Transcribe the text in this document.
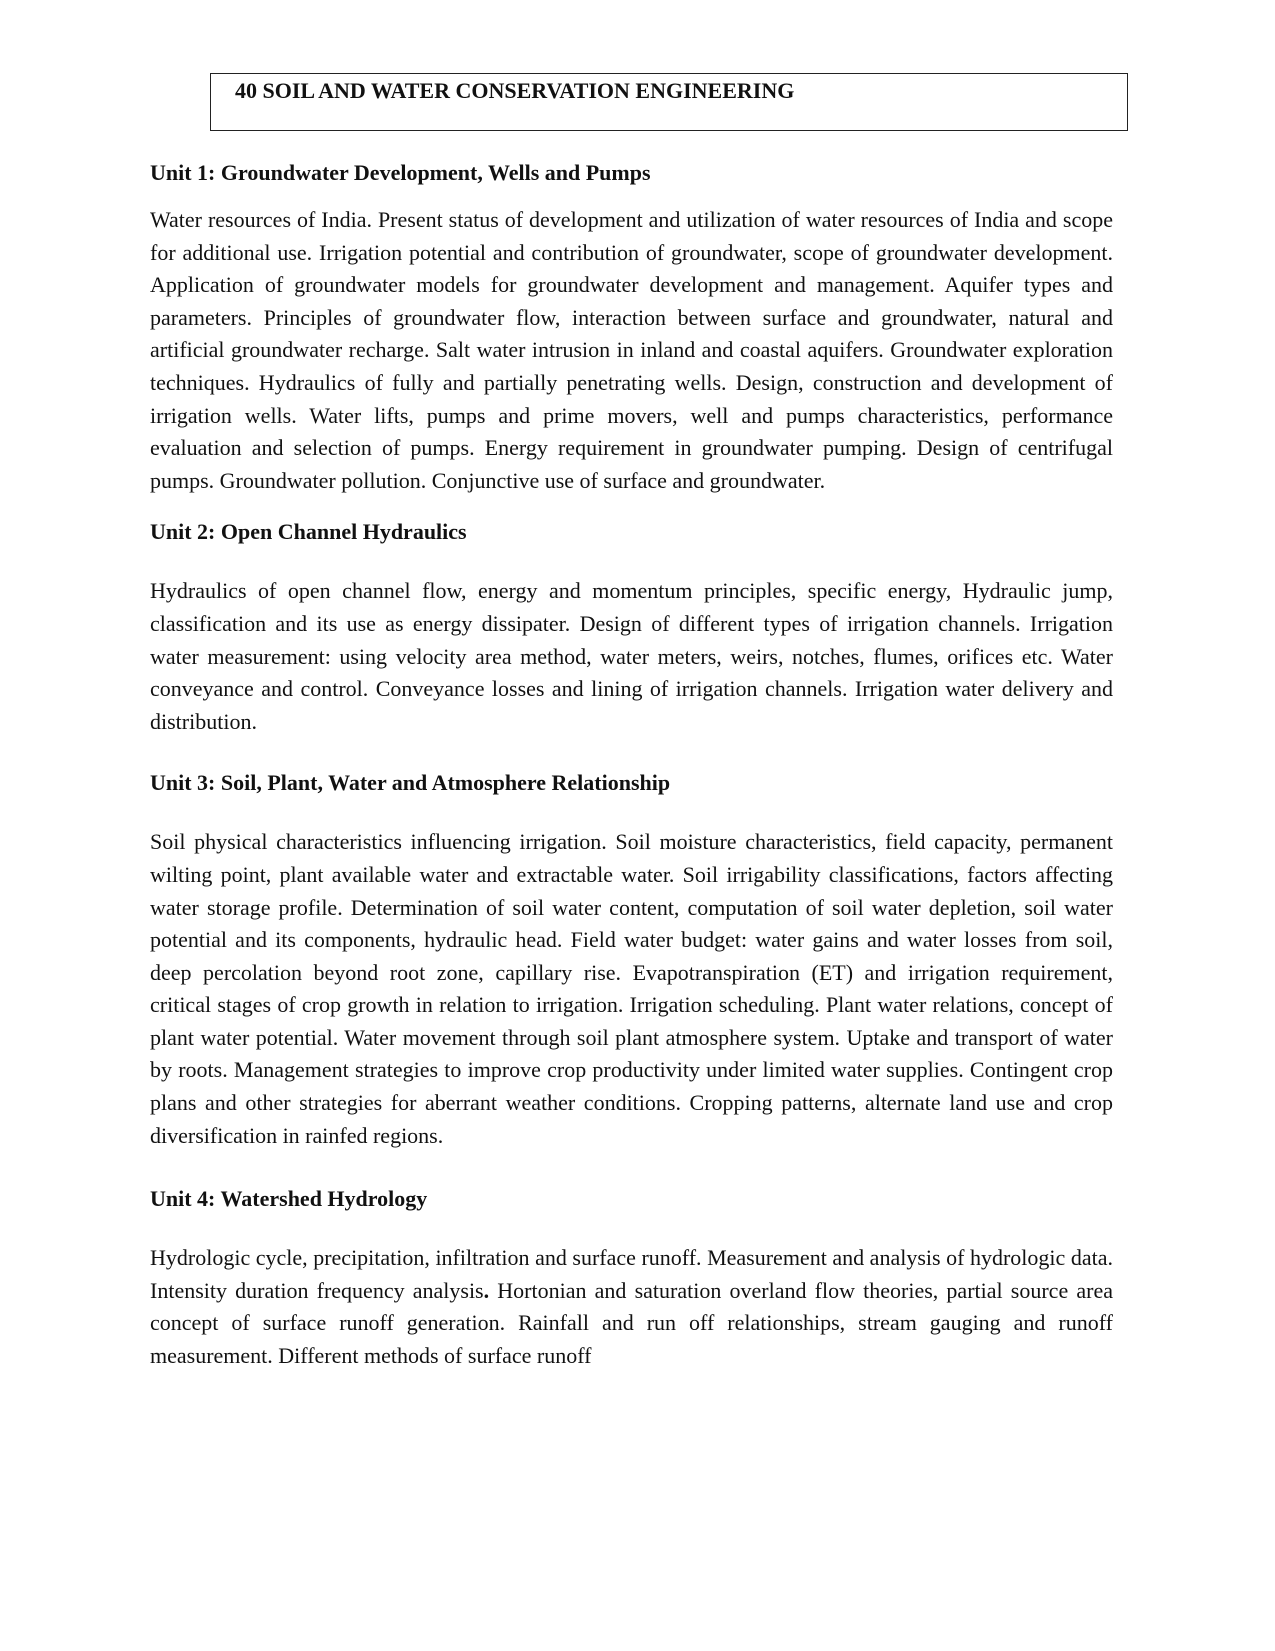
40 SOIL AND WATER CONSERVATION ENGINEERING
Unit 1: Groundwater Development, Wells and Pumps

Water resources of India. Present status of development and utilization of water resources of India and scope for additional use. Irrigation potential and contribution of groundwater, scope of groundwater development. Application of groundwater models for groundwater development and management. Aquifer types and parameters. Principles of groundwater flow, interaction between surface and groundwater, natural and artificial groundwater recharge. Salt water intrusion in inland and coastal aquifers. Groundwater exploration techniques. Hydraulics of fully and partially penetrating wells. Design, construction and development of irrigation wells. Water lifts, pumps and prime movers, well and pumps characteristics, performance evaluation and selection of pumps. Energy requirement in groundwater pumping. Design of centrifugal pumps. Groundwater pollution. Conjunctive use of surface and groundwater.

Unit 2: Open Channel Hydraulics

Hydraulics of open channel flow, energy and momentum principles, specific energy, Hydraulic jump, classification and its use as energy dissipater. Design of different types of irrigation channels. Irrigation water measurement: using velocity area method, water meters, weirs, notches, flumes, orifices etc. Water conveyance and control. Conveyance losses and lining of irrigation channels. Irrigation water delivery and distribution.

Unit 3: Soil, Plant, Water and Atmosphere Relationship

Soil physical characteristics influencing irrigation. Soil moisture characteristics, field capacity, permanent wilting point, plant available water and extractable water. Soil irrigability classifications, factors affecting water storage profile. Determination of soil water content, computation of soil water depletion, soil water potential and its components, hydraulic head. Field water budget: water gains and water losses from soil, deep percolation beyond root zone, capillary rise. Evapotranspiration (ET) and irrigation requirement, critical stages of crop growth in relation to irrigation. Irrigation scheduling. Plant water relations, concept of plant water potential. Water movement through soil plant atmosphere system. Uptake and transport of water by roots. Management strategies to improve crop productivity under limited water supplies. Contingent crop plans and other strategies for aberrant weather conditions. Cropping patterns, alternate land use and crop diversification in rainfed regions.

Unit 4: Watershed Hydrology

Hydrologic cycle, precipitation, infiltration and surface runoff. Measurement and analysis of hydrologic data. Intensity duration frequency analysis. Hortonian and saturation overland flow theories, partial source area concept of surface runoff generation. Rainfall and run off relationships, stream gauging and runoff measurement. Different methods of surface runoff
